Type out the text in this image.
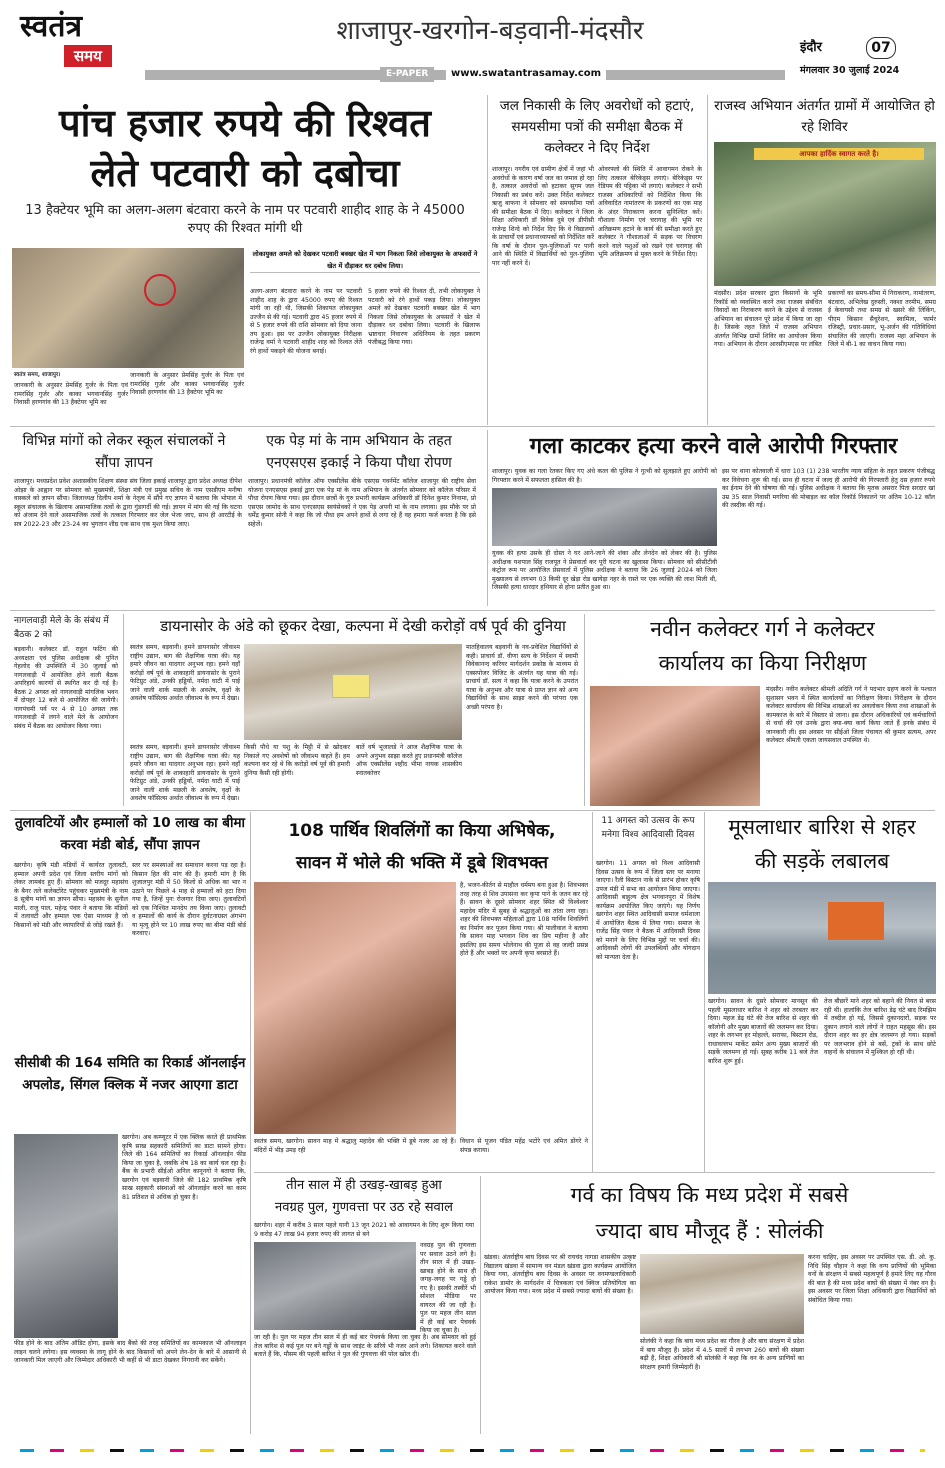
स्वतंत्र
समय
शाजापुर-खरगोन-बड़वानी-मंदसौर
E-PAPER	www.swatantrasamay.com
इंदौर	07
मंगलवार 30 जुलाई 2024
पांच हजार रुपये की रिश्वत
लेते पटवारी को दबोचा
13 हैक्टेयर भूमि का अलग-अलग बंटवारा करने के नाम पर पटवारी शाहीद शाह के ने 45000 रुपए की रिश्वत मांगी थी
लोकायुक्त अमले को देखकर पटवारी बक्खर खेत में भाग निकला जिसे लोकायुक्त के अफसरों ने खेत में दौड़ाकर धर दबोच लिया।
स्वतंत्र समय, शाजापुर।
जानकारी के अनुसार प्रेमसिंह गुर्जर के पिता एवं रामरसिंह गुर्जर और काका भगवानसिंह गुर्जर निवासी हरणगांव की 13 हैक्टेयर भूमि का
जानकारी के अनुसार प्रेमसिंह गुर्जर के पिता एवं रामरसिंह गुर्जर और काका भगवानसिंह गुर्जर निवासी हरणगांव की 13 हैक्टेयर भूमि का
अलग-अलग बंटवारा करने के नाम पर पटवारी शाहीद शाह के द्वारा 45000 रुपए की रिश्वत मांगी जा रही थी, जिसकी शिकायत लोकायुक्त उज्जैन से की गई। पटवारी द्वारा 45 हजार रुपये में से 5 हजार रुपये की राशि सोमवार को दिया जाना तय हुआ। इस पर उज्जैन लोकायुक्त निरीक्षक राजेन्द्र वर्मा ने पटवारी शाहीद शाह को रिश्वत लेते रंगे हाथों पकड़ने की योजना बनाई।
5 हजार रुपये की रिश्वत दी, तभी लोकायुक्त ने पटवारी को रंगे हाथों पकड़ लिया। लोकायुक्त अमले को देखकर पटवारी बक्खर खेत में भाग निकला जिसे लोकायुक्त के अफसरों ने खेत में दौड़ाकर धर दबोचा लिया। पटवारी के खिलाफ भ्रष्टाचार निवारण अधिनियम के तहत प्रकरण पंजीबद्ध किया गया।
जल निकासी के लिए अवरोधों को हटाएं, समयसीमा पत्रों की समीक्षा बैठक में कलेक्टर ने दिए निर्देश
शाजापुर। नगरीय एवं ग्रामीण क्षेत्रों में जहां भी अवरोधों के कारण वर्षा जल का जमाव हो रहा है, तत्काल अवरोधों को हटाकर सुगम जल निकासी का प्रबंध करें। उक्त निर्देश कलेक्टर ऋजु बाफना ने सोमवार को समयसीमा पत्रों की समीक्षा बैठक में दिए। कलेक्टर ने जिला शिक्षा अधिकारी डॉ विवेक दुबे एवं डीपीसी राजेन्द्र शिन्दे को निर्देश दिए कि वे विद्यालयों के प्राचार्यों एवं प्रधानाध्यापकों को निर्देशित करें कि वर्षा के दौरान पुल-पुलियाओं पर पानी आने की स्थिति में विद्यार्थियों को पुल-पुलिया पार नहीं करने दें।
ओवरफ्लो की स्थिति में आवागमन रोकने के लिए तत्काल बेरिकेड्स लगाएं। बेरिकेड्स पर रेडियम की पट्टिका भी लगाएं। कलेक्टर ने सभी राजस्व अधिकारियों को निर्देशित किया कि अविवादित नामांतरण के प्रकरणों का एक माह के अंदर निराकरण करना सुनिश्चित करें। गौशाला निर्माण एवं चरागाह की भूमि पर अतिक्रमण हटाने के कार्य की समीक्षा करते हुए कलेक्टर ने गौशालाओं में सड़क पर विचरण करने वाले पशुओं को रखने एवं चरागाह की भूमि अतिक्रमण से मुक्त करने के निर्देश दिए।
राजस्व अभियान अंतर्गत ग्रामों में आयोजित हो रहे शिविर
आपका हार्दिक स्वागत करते है।
मंदसौर। प्रदेश सरकार द्वारा किसानों के भूमि रिकॉर्ड को व्यवस्थित करने तथा राजस्व संबंधित विवादों का निराकरण करने के उद्देश्य से राजस्व अभियान का संचालन पूरे प्रदेश में किया जा रहा है। जिसके तहत जिले में राजस्व अभियान अंतर्गत विभिन्न ग्रामों शिविर का आयोजन किया गया। अभियान के दौरान आरसीएमएस पर लंबित
प्रकरणों का समय-सीमा में निराकरण, नामांतरण, बंटवारा, अभिलेख दुरुस्ती, नक्शा तरमीम, समग्र ई केवायसी तथा समग्र से खसरे की लिंकिंग, पीएम किसान सैचुरेशन, स्वामित्व, फार्मर रजिस्ट्री, प्रचार-प्रसार, भू-अर्जन की गतिविधियां संचालित की जाएगी। राजस्व महा अभियान के जिले में बी-1 का वाचन किया गया।
विभिन्न मांगों को लेकर स्कूल संचालकों ने सौंपा ज्ञापन
शाजापुर। मध्यप्रदेश प्रवेश अशासकीय शिक्षण संस्था संघ जिला इकाई शाजापुर द्वारा प्रदेश अध्यक्ष दीपेश ओझा के आह्वान पर सोमवार को मुख्यमंत्री, शिक्षा मंत्री एवं प्रमुख सचिव के नाम एसडीएम मनीषा वास्कले को ज्ञापन सौंपा। जिलाध्यक्ष दिलीप शर्मा के नेतृत्व में सौंपे गए ज्ञापन में बताया कि भोपाल में स्कूल संचालक के खिलाफ असामाजिक तत्वों के द्वारा गुंडागर्दी की गई। ज्ञापन में मांग की गई कि घटना को अंजाम देने वाले असामाजिक तत्वों के तत्काल गिरफ्तार कर जेल भेजा जाए, साथ ही आरटीई के सत्र 2022-23 और 23-24 का भुगतान शीघ्र एक साथ एक मुश्त किया जाए।
एक पेड़ मां के नाम अभियान के तहत एनएसएस इकाई ने किया पौधा रोपण
शाजापुर। प्रधानमंत्री कॉलेज ऑफ एक्सीलेंस बीके एसएस गवर्नमेंट कॉलेज शाजापुर की राष्ट्रीय सेवा योजना एनएसएस इकाई द्वारा एक पेड़ मां के नाम अभियान के अंतर्गत सोमवार को कॉलेज परिसर में पौधा रोपण किया गया। इस दौरान छात्रों के गुरु प्रभारी कार्यक्रम अधिकारी डॉ दिनेश कुमार निनामा, प्रो एसएस जामोद के साथ एनएसएस स्वयंसेवकों ने एक पेड़ अपनी मां के नाम लगाया। इस मौके पर प्रो धर्मेंद्र कुमार सोनी ने कहा कि जो पौधा हम अपने हाथों से लगा रहे हैं वह हमारा फर्ज बनता है कि इसे सहेजें।
गला काटकर हत्या करने वाले आरोपी गिरफ्तार
शाजापुर। युवक का गला रेतकर किए गए अंधे कत्ल की पुलिस ने गुत्थी को सुलझाते हुए आरोपी को गिरफ्तार करने में सफलता हासिल की है।
युवक की हत्या उसके ही दोस्त ने घर आने-जाने की शंका और लेनदेन को लेकर की है। पुलिस अधीक्षक यशपाल सिंह राजपूत ने प्रेसवार्ता कर पूरी घटना का खुलासा किया। सोमवार को सीसीटीवी कंट्रोल रूम पर आयोजित प्रेसवार्ता में पुलिस अधीक्षक ने बताया कि 26 जुलाई 2024 को जिला मुख्यालय से लगभग 03 किमी दूर खेड़ा रोड खायेड़ा नहर के रास्ते पर एक व्यक्ति की लाश मिली थी, जिसकी हत्या धारदार हथियार से होना प्रतीत हुआ था।
इस पर थाना कोतवाली में धारा 103 (1) 238 भारतीय न्याय संहिता के तहत प्रकरण पंजीबद्ध कर विवेचना शुरू की गई। साथ ही घटना में जल्द ही आरोपी की गिरफ्तारी हेतु दस हजार रुपये का ईनाम देने की घोषणा की गई। पुलिस अधीक्षक ने बताया कि मृतक असरार पिता सरदार खां उम्र 35 साल निवासी मगरिया की मोबाइल का कॉल रिकॉर्ड निकालने पर अंतिम 10-12 कॉल की तस्दीक की गई।
नागलवाड़ी मेले के के संबंध में बैठक 2 को
बड़वानी। कलेक्टर डॉ. राहुल फटिंग की अध्यक्षता एवं पुलिस अधीक्षक श्री पुनित गेहलोद की उपस्थिति में 30 जुलाई को नागलवाड़ी में आयोजित होने वाली बैठक अपरिहार्य कारणों से स्थगित कर दी गई है। बैठक 2 अगस्त को नागलवाड़ी मांगलिक भवन में दोपहर 12 बजे से आयोजित की जायेगी। नागपंचमी पर्व पर 4 से 10 अगस्त तक नागलवाड़ी में लगने वाले मेले के आयोजन संबंध में बैठक का आयोजन किया गया।
डायनासोर के अंडे को छूकर देखा, कल्पना में देखी करोड़ों वर्ष पूर्व की दुनिया
स्वतंत्र समय, बड़वानी। हमने डायनासोर जीवाश्म राष्ट्रीय उद्यान, बाग की शैक्षणिक यात्रा की। यह हमारे जीवन का यादगार अनुभव रहा। हमने वहाँ करोड़ों वर्ष पूर्व के शाकाहारी डायनासोर के पुराने फेटिग्रुट अंडे, उनकी हड्डियों, नर्मदा घाटी में पाई जाने वाली शार्क मछली के अवशेष, वृक्षों के अवशेष फॉसिल्स अर्थात जीवाश्म के रूप में देखा।
मातहिवालय बड़वानी के नव-प्रवेशित विद्यार्थियों से कही। प्राचार्य डॉ. वीणा सत्य के निर्देशन में स्वामी विवेकानन्द करियर मार्गदर्शन प्रकोष्ठ के माध्यम से एक्सपोजर विजिट के अंतर्गत यह यात्रा की गई। प्राचार्य डॉ. सत्य ने कहा कि यात्रा करने के उपरांत यात्रा के अनुभव और यात्रा से प्राप्त ज्ञान को अन्य विद्यार्थियों के साथ साझा करने की परंपरा एक अच्छी परंपरा है।
किसी पौधे या पशु के मिट्टी में से खोदकर निकाले गए अवशेषों को जीवाश्म कहते हैं। हम कल्पना कर रहे थे कि करोड़ों वर्ष पूर्व की हमारी दुनिया कैसी रही होगी।
बातें वर्ष भूजालडे ने आज शैक्षणिक यात्रा के अपने अनुभव साझा करते हुए प्रधानमंत्री कॉलेज ऑफ एक्सीलेंस शहीद भीमा नायक शासकीय स्नातकोत्तर
स्वतंत्र समय, बड़वानी। हमने डायनासोर जीवाश्म राष्ट्रीय उद्यान, बाग की शैक्षणिक यात्रा की। यह हमारे जीवन का यादगार अनुभव रहा। हमने वहाँ करोड़ों वर्ष पूर्व के शाकाहारी डायनासोर के पुराने फेटिग्रुट अंडे, उनकी हड्डियों, नर्मदा घाटी में पाई जाने वाली शार्क मछली के अवशेष, वृक्षों के अवशेष फॉसिल्स अर्थात जीवाश्म के रूप में देखा।
नवीन कलेक्टर गर्ग ने कलेक्टर
कार्यालय का किया निरीक्षण
मंदसौर। नवीन कलेक्टर श्रीमती अदिति गर्ग ने पदभार ग्रहण करने के पश्चात सुशासन भवन में स्थित कार्यालयों का निरीक्षण किया। निरीक्षण के दौरान कलेक्टर कार्यालय की विभिन्न शाखाओं का अवलोकन किया तथा शाखाओं के कामकाज के बारे में विस्तार से जाना। इस दौरान अधिकारियों एवं कर्मचारियों से चर्चा की एवं उनके द्वारा क्या-क्या कार्य किया जाते हैं इनके संबंध में जानकारी ली। इस अवसर पर सीईओ जिला पंचायत श्री कुमार सत्यम, अपर कलेक्टर श्रीमती एकता जायसवाल उपस्थित थे।
तुलावटियों और हम्मालों को 10 लाख का बीमा करवा मंडी बोर्ड, सौंपा ज्ञापन
खरगोन। कृषि मंडी मंडियों में कार्यरत तुलावटी, हम्माल अपनी प्रदेश एवं जिला स्तरीय मांगों को लेकर लामबंद हुए हैं। सोमवार को मजदूर महासंघ के बैनर तले कलेक्टोरेट पहुंचकर मुख्यमंत्री के नाम 8 सूत्रीय मांगों का ज्ञापन सौंपा। महासंघ के सुनील माली, राजु पाल, महेन्द्र पंवार ने बताया कि मंडियों में तलावटी और हम्माल एक ऐसा माध्यम है जो किसानों को मंडी और व्यापारियों से जोड़े रखते हैं।
स्तर पर समस्याओं का समाधान करना पड़ रहा है। किसान हित की मांग की है। हमारी मांग है कि शुजालपुर मंडी में 50 किलो से अधिक का भार न उठाने पर पिछले 4 माह से हम्मालों को हटा दिया गया है, जिन्हें पुनः रोजगार दिया जाए। तुलावटियों को एक निश्चित मानदेय तय किया जाए। तुलावटी व हम्मालों की कार्य के दौरान दुर्घटनाग्रस्त अंगभंग या मृत्यु होने पर 10 लाख रुपए का बीमा मंडी बोर्ड करवाए।
108 पार्थिव शिवलिंगों का किया अभिषेक,
सावन में भोले की भक्ति में डूबे शिवभक्त
है, भजन-कीर्तन से माहौल धर्ममय बना हुआ है। शिवभक्त तरह तरह से शिव उपासना कर कृपा पाने के जतन कर रहे हैं। सावन के दूसरे सोमवार शहर स्थित श्री विश्वेश्वर महादेव मंदिर में सुबह से श्रद्धालुओं का तांता लगा रहा। शहर की शिवभक्त महिलाओं द्वारा 108 पार्थिव शिवलिंगों का निर्माण कर पूजन किया गया। श्री पालीवाल ने बताया कि सावन माह भगवान शिव का प्रिय महीना है और इसलिए इस समय भोलेनाथ की पूजा से वह जल्दी प्रसन्न होते हैं और भक्तों पर अपनी कृपा बरसाते हैं।
स्वतंत्र समय, खरगोन। सावन माह में श्रद्धालु महादेव की भक्ति में डूबे नजर आ रहे हैं। मंदिरों में भीड़ उमड़ रही
विधान से पूजन पंडित महेंद्र भटोरे एवं अमित डोंगरे ने संपन्न कराया।
11 अगस्त को उत्सव के रूप मनेगा विश्व आदिवासी दिवस
खरगोन। 11 अगस्त को विश्व आदिवासी दिवस उत्सव के रूप में जिला स्तर पर मनाया जाएगा। रैली बिस्टान नाके से प्रारंभ होकर कृषि उपज मंडी में सभा का आयोजन किया जाएगा। आदिवासी बाहुल्य क्षेत्र भगवानपुरा में विशेष कार्यक्रम आयोजित किए जाएंगे। यह निर्णय खरगोन शहर स्थित आदिवासी समाज धर्मशाला में आयोजित बैठक में लिया गया। समाज के राजेंद्र सिंह पंवार ने बैठक में आदिवासी दिवस को मनाने के लिए विभिन्न मुद्दों पर चर्चा की। आदिवासी लोगों की उपलब्धियों और योगदान को मान्यता देता है।
मूसलाधार बारिश से शहर
की सड़कें लबालब
खरगोन। सावन के दूसरे सोमवार मानसून की पहली मूसलाधार बारिश ने शहर को तरबतर कर दिया। महज डेढ़ घंटे की तेज बारिश से शहर की कॉलोनी और मुख्य बाजारों की जलमग्न कर दिया। शहर के लगभग हर मोहल्ले, सराफा, बिस्टान रोड, राधावल्लभ मार्केट समेत अन्य मुख्य बाजारों की सड़कें जलमग्न हो गई। सुबह करीब 11 बजे तेज बारिश शुरू हुई।
तेज बौछारें माने शहर को बहाने की नियत से बरस रही थी। हालांकि तेज बारिश डेढ़ घंटे बाद रिमझिम में तब्दील हो गई, जिससे दुकानदारों, सड़क पर दुकान लगाने वाले लोगों ने राहत महसूस की। इस दौरान शहर का हर क्षेत्र जलमग्न हो गया। सड़कों पर जलभराव होने से बसें, ट्रकों के साथ छोटे वाहनों के संचालन में मुश्किल हो रही थी।
सीसीबी की 164 समिति का रिकार्ड ऑनलाईन अपलोड, सिंगल क्लिक में नजर आएगा डाटा
खरगोन। अब कम्प्यूटर में एक क्लिक करते ही प्राथमिक कृषि साख सहकारी समितियों का डाटा सामने होगा। जिले की 164 समितियों का रिकार्ड ऑनलाईन फीड किया जा चुका है, जबकि शेष 18 का कार्य चल रहा है। बैंक के प्रभारी सीईओ अनिल कानूनगो ने बताया कि, खरगोन एवं बड़वानी जिले की 182 प्राथमिक कृषि साख सहकारी संस्थाओं को ऑनलाईन करने का काम 81 प्रतिशत से अधिक हो चुका है।
फीड होने के बाद अंतिम ऑडिट होगा, इसके बाद बैंको की तरह समितियों का कामकाज भी ऑनलाइन लाइन चलने लगेगा। इस व्यवस्था के लागू होने के बाद किसानों को अपने लेन-देन के बारे में आसानी से जानकारी मिल जाएगी और जिम्मेदार अधिकारी भी कहीं से भी डाटा देखकर निगरानी कर सकेंगे।
तीन साल में ही उखड़-खाबड़ हुआ
नवग्रह पुल, गुणवत्ता पर उठ रहे सवाल
खरगोन। शहर में करीब 3 साल पहले यानी 13 जून 2021 को आवागमन के लिए शुरू किया गया 9 करोड़ 47 लाख 94 हजार रुपए की लागत से बने
नवग्रह पुल की गुणवत्ता पर सवाल उठने लगे है। तीन साल में ही उखड़-खाबड़ होने के साथ ही जगह-जगह पर गड्ढे हो गए है। इसकी तस्वीरें भी सोशल मीडिया पर वायरल की जा रही है। पुल पर महज तीन साल में ही कई बार पेचवर्क किया जा चुका है।
जा रही है। पुल पर महज तीन साल में ही कई बार पेचवर्क किया जा चुका है। अब सोमवार को हुई तेज बारिश से कई पुल पर बने गड्ढों के साथ जाइंट के सरिये भी नजर आने लगे। शिकायत करने वाले बताते हैं कि, मौसम की पहली बारिश ने पुल की गुणवत्ता की पोल खोल दी।
गर्व का विषय कि मध्य प्रदेश में सबसे
ज्यादा बाघ मौजूद हैं : सोलंकी
खंडवा। अंतर्राष्ट्रीय बाघ दिवस पर श्री रायचंद नागडा शासकीय उत्कृष्ट विद्यालय खंडवा में सामान्य वन मंडल खंडवा द्वारा कार्यक्रम आयोजित किया गया, अंतर्राष्ट्रीय बाघ दिवस के अवसर पर वनमण्डलाधिकारी राकेश डामोर के मार्गदर्शन में चित्रकला एवं क्विज प्रतियोगिता का आयोजन किया गया। मध्य प्रदेश में सबसे ज्यादा बाघों की संख्या है।
सोलंकी ने कहा कि बाघ मध्य प्रदेश का गौरव है और बाघ संरक्षण में प्रदेश में बाघ मौजूद हैं। प्रदेश में 4.5 सालों में लगभग 260 बाघों की संख्या बढ़ी है, शिक्षा अधिकारी श्री सोलंकी ने कहा कि वन के अन्य प्राणियों का संरक्षण हमारी जिम्मेदारी है।
करना चाहिए, इस अवसर पर उपस्थित एस. डी. ओ. कु. निधि सिंह चौहान ने कहा कि वन्य प्राणियों की भूमिका वनों के संरक्षण में सबसे महत्वपूर्ण है हमारे लिए यह गौरव की बात है की मध्य प्रदेश बाघों की संख्या में नंबर वन है। इस अवसर पर जिला शिक्षा अधिकारी द्वारा विद्यार्थियों को संबोधित किया गया।
